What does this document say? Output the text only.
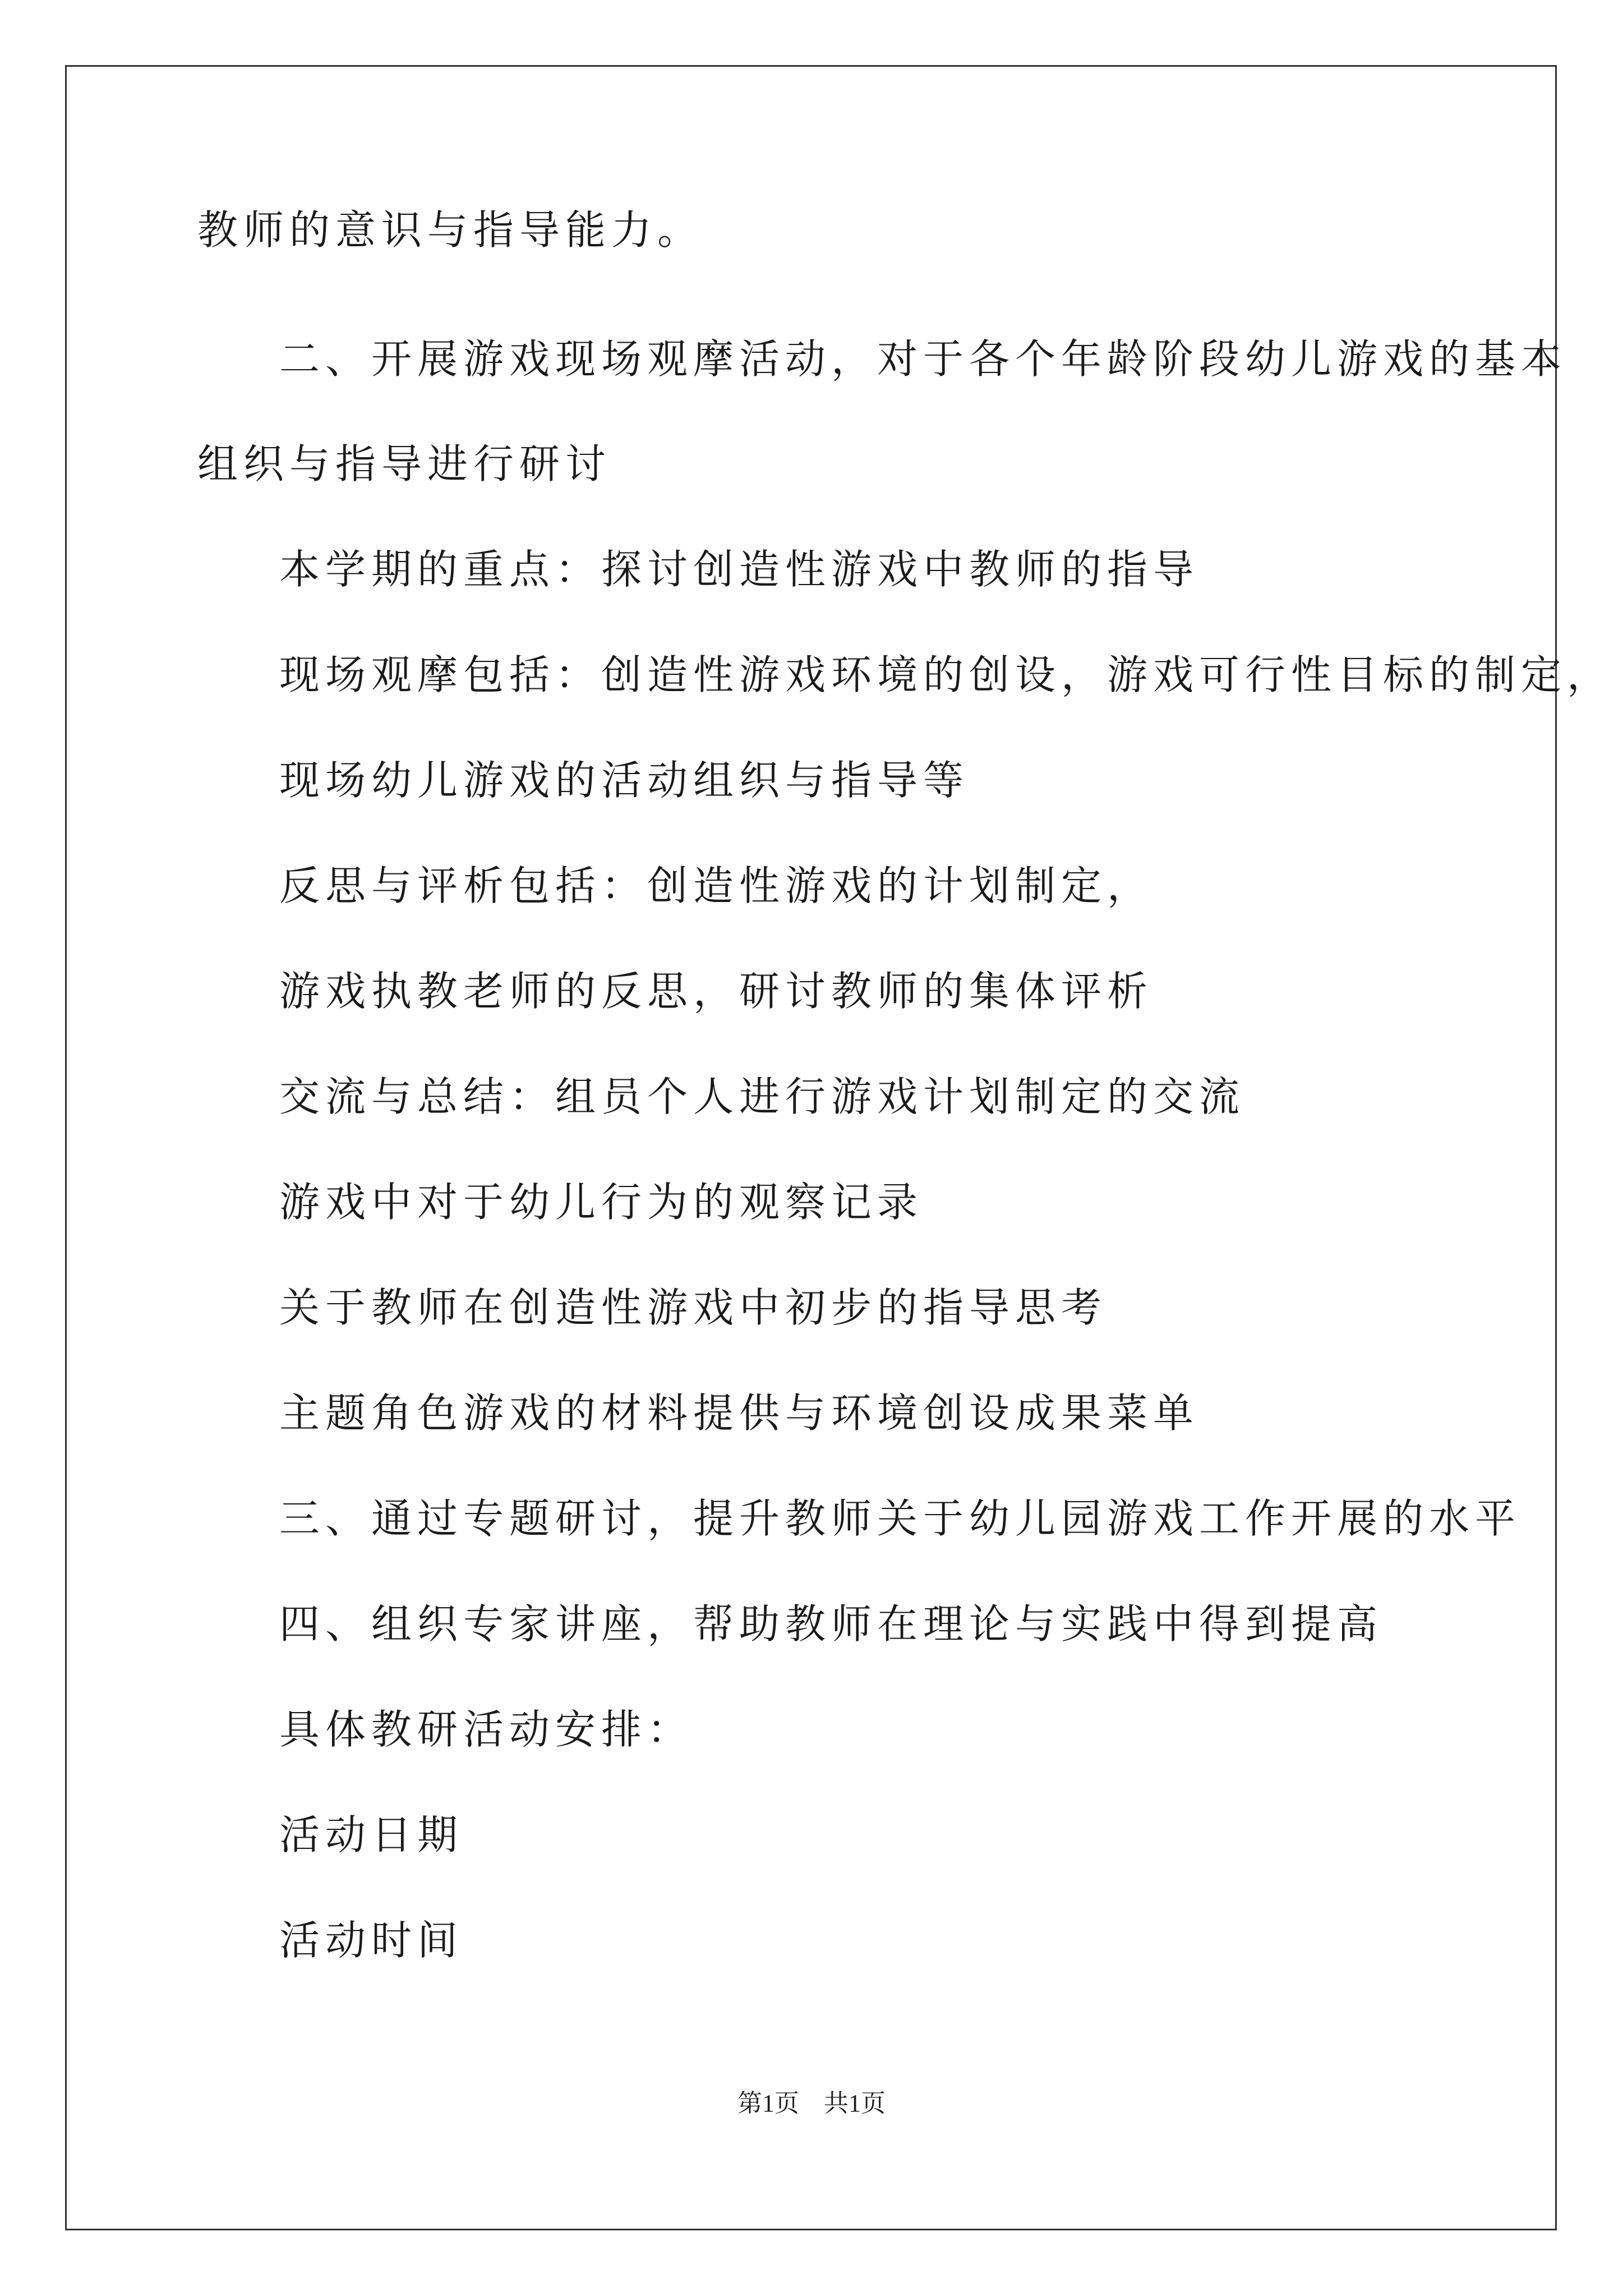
教师的意识与指导能力。
二、开展游戏现场观摩活动，对于各个年龄阶段幼儿游戏的基本
组织与指导进行研讨
本学期的重点：探讨创造性游戏中教师的指导
现场观摩包括：创造性游戏环境的创设，游戏可行性目标的制定，
现场幼儿游戏的活动组织与指导等
反思与评析包括：创造性游戏的计划制定，
游戏执教老师的反思，研讨教师的集体评析
交流与总结：组员个人进行游戏计划制定的交流
游戏中对于幼儿行为的观察记录
关于教师在创造性游戏中初步的指导思考
主题角色游戏的材料提供与环境创设成果菜单
三、通过专题研讨，提升教师关于幼儿园游戏工作开展的水平
四、组织专家讲座，帮助教师在理论与实践中得到提高
具体教研活动安排：
活动日期
活动时间
第1页　共1页
